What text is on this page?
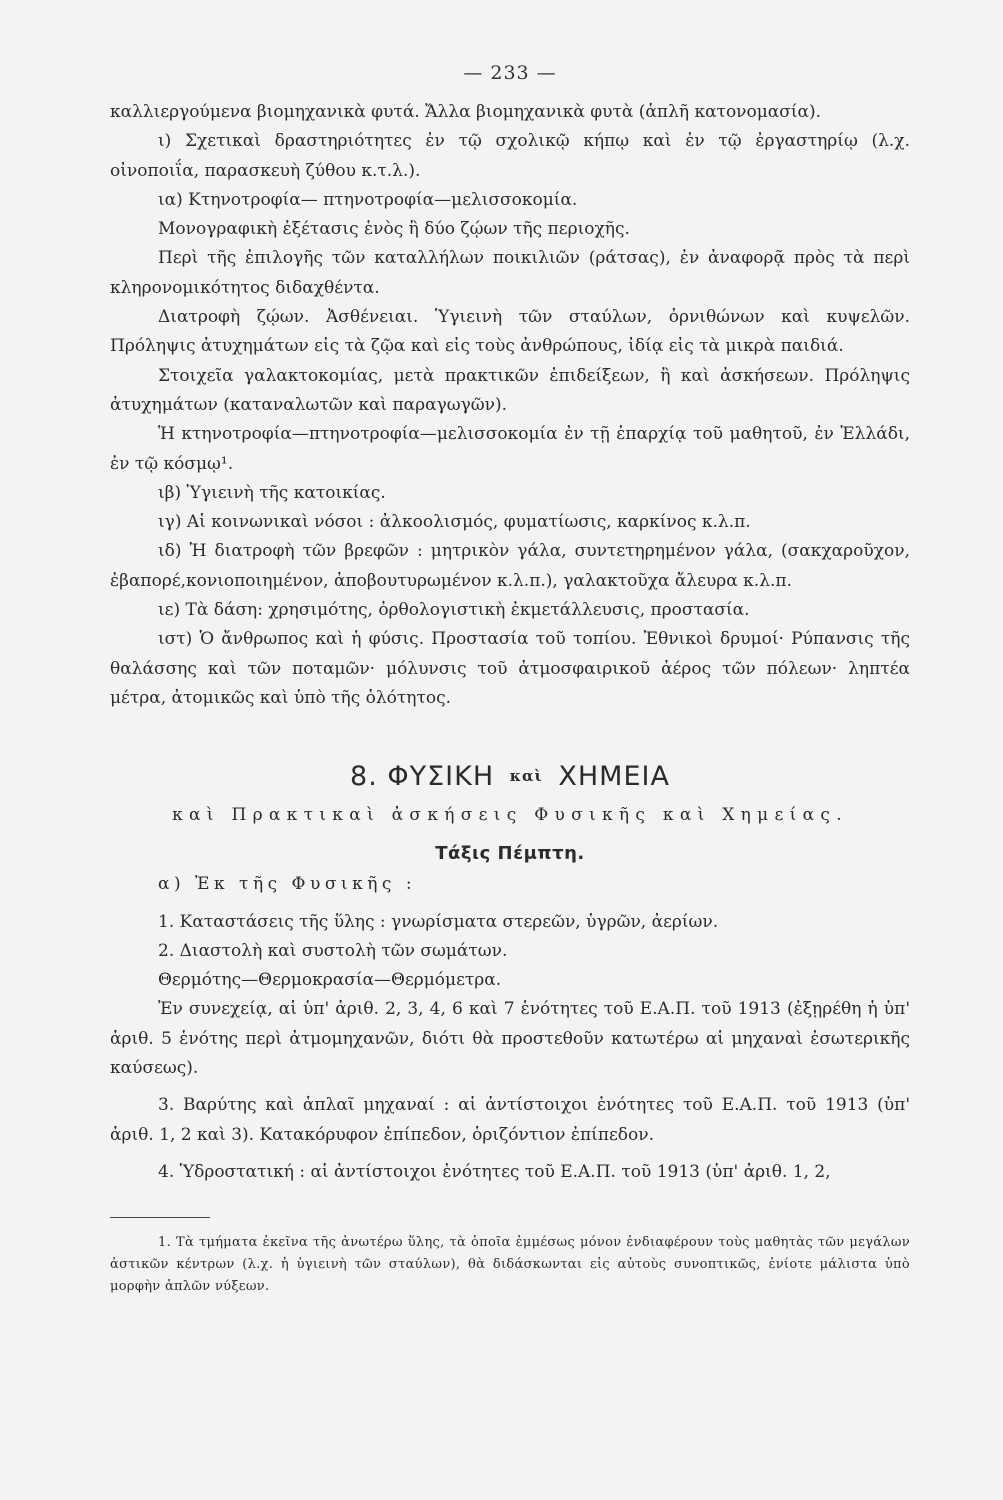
— 233 —

καλλιεργούμενα βιομηχανικὰ φυτά. Ἄλλα βιομηχανικὰ φυτὰ (ἁπλῆ κατονομασία).

ι) Σχετικαὶ δραστηριότητες ἐν τῷ σχολικῷ κήπῳ καὶ ἐν τῷ ἐργαστηρίῳ (λ.χ. οἰνοποιΐα, παρασκευὴ ζύθου κ.τ.λ.).

ια) Κτηνοτροφία— πτηνοτροφία—μελισσοκομία.

Μονογραφικὴ ἐξέτασις ἑνὸς ἢ δύο ζῴων τῆς περιοχῆς.

Περὶ τῆς ἐπιλογῆς τῶν καταλλήλων ποικιλιῶν (ράτσας), ἐν ἀναφορᾷ πρὸς τὰ περὶ κληρονομικότητος διδαχθέντα.

Διατροφὴ ζῴων. Ἀσθένειαι. Ὑγιεινὴ τῶν σταύλων, ὀρνιθώνων καὶ κυψελῶν. Πρόληψις ἀτυχημάτων εἰς τὰ ζῷα καὶ εἰς τοὺς ἀνθρώπους, ἰδίᾳ εἰς τὰ μικρὰ παιδιά.

Στοιχεῖα γαλακτοκομίας, μετὰ πρακτικῶν ἐπιδείξεων, ἢ καὶ ἀσκήσεων. Πρόληψις ἀτυχημάτων (καταναλωτῶν καὶ παραγωγῶν).

Ἡ κτηνοτροφία—πτηνοτροφία—μελισσοκομία ἐν τῇ ἐπαρχίᾳ τοῦ μαθητοῦ, ἐν Ἑλλάδι, ἐν τῷ κόσμῳ¹.

ιβ) Ὑγιεινὴ τῆς κατοικίας.

ιγ) Αἱ κοινωνικαὶ νόσοι : ἀλκοολισμός, φυματίωσις, καρκίνος κ.λ.π.

ιδ) Ἡ διατροφὴ τῶν βρεφῶν : μητρικὸν γάλα, συντετηρημένον γάλα, (σακχαροῦχον, ἐβαπορέ,κονιοποιημένον, ἀποβουτυρωμένον κ.λ.π.), γαλακτοῦχα ἄλευρα κ.λ.π.

ιε) Τὰ δάση: χρησιμότης, ὀρθολογιστικὴ ἐκμετάλλευσις, προστασία.

ιστ) Ὁ ἄνθρωπος καὶ ἡ φύσις. Προστασία τοῦ τοπίου. Ἐθνικοὶ δρυμοί· Ρύπανσις τῆς θαλάσσης καὶ τῶν ποταμῶν· μόλυνσις τοῦ ἀτμοσφαιρικοῦ ἀέρος τῶν πόλεων· ληπτέα μέτρα, ἀτομικῶς καὶ ὑπὸ τῆς ὁλότητος.

8. ΦΥΣΙΚΗ καὶ ΧΗΜΕΙΑ
καὶ Πρακτικαὶ ἀσκήσεις Φυσικῆς καὶ Χημείας.
Τάξις Πέμπτη.

α) Ἐκ τῆς Φυσικῆς :

1. Καταστάσεις τῆς ὕλης : γνωρίσματα στερεῶν, ὑγρῶν, ἀερίων.

2. Διαστολὴ καὶ συστολὴ τῶν σωμάτων.

Θερμότης—Θερμοκρασία—Θερμόμετρα.

Ἐν συνεχείᾳ, αἱ ὑπ' ἀριθ. 2, 3, 4, 6 καὶ 7 ἑνότητες τοῦ Ε.Α.Π. τοῦ 1913 (ἐξῃρέθη ἡ ὑπ' ἀριθ. 5 ἑνότης περὶ ἀτμομηχανῶν, διότι θὰ προστεθοῦν κατωτέρω αἱ μηχαναὶ ἐσωτερικῆς καύσεως).

3. Βαρύτης καὶ ἁπλαῖ μηχαναί : αἱ ἀντίστοιχοι ἑνότητες τοῦ Ε.Α.Π. τοῦ 1913 (ὑπ' ἀριθ. 1, 2 καὶ 3). Κατακόρυφον ἐπίπεδον, ὁριζόντιον ἐπίπεδον.

4. Ὑδροστατική : αἱ ἀντίστοιχοι ἑνότητες τοῦ Ε.Α.Π. τοῦ 1913 (ὑπ' ἀριθ. 1, 2,

1. Τὰ τμήματα ἐκεῖνα τῆς ἀνωτέρω ὕλης, τὰ ὁποῖα ἐμμέσως μόνον ἐνδιαφέρουν τοὺς μαθητὰς τῶν μεγάλων ἀστικῶν κέντρων (λ.χ. ἡ ὑγιεινὴ τῶν σταύλων), θὰ διδάσκωνται εἰς αὐτοὺς συνοπτικῶς, ἐνίοτε μάλιστα ὑπὸ μορφὴν ἁπλῶν νύξεων.
